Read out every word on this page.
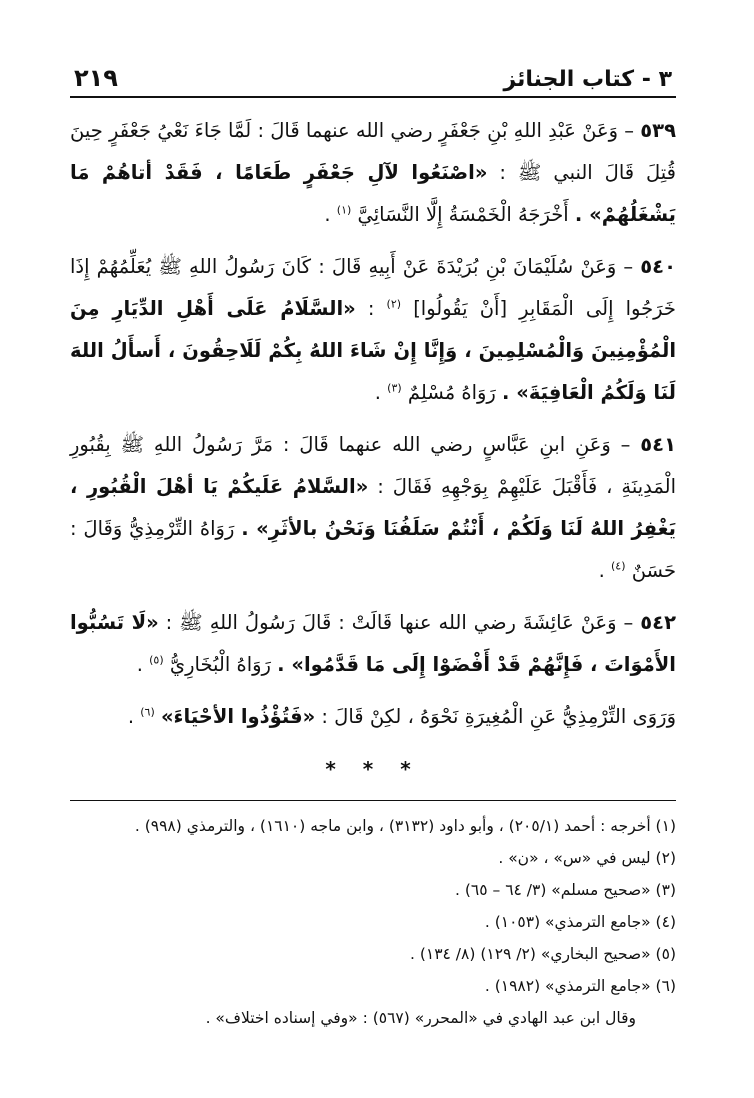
٣ - كتاب الجنائز
٢١٩

٥٣٩ – وَعَنْ عَبْدِ اللهِ بْنِ جَعْفَرٍ رضي الله عنهما قَالَ : لَمَّا جَاءَ نَعْيُ جَعْفَرٍ حِينَ قُتِلَ قَالَ النبي ﷺ : «اصْنَعُوا لآلِ جَعْفَرٍ طَعَامًا ، فَقَدْ أتاهُمْ مَا يَشْغَلُهُمْ» . أَخْرَجَهُ الْخَمْسَةُ إِلَّا النَّسَائِيَّ $^{(١)}$ .

٥٤٠ – وَعَنْ سُلَيْمَانَ بْنِ بُرَيْدَةَ عَنْ أَبِيهِ قَالَ : كَانَ رَسُولُ اللهِ ﷺ يُعَلِّمُهُمْ إِذَا خَرَجُوا إِلَى الْمَقَابِرِ [أَنْ يَقُولُوا] $^{(٢)}$ : «السَّلَامُ عَلَى أَهْلِ الدِّيَارِ مِنَ الْمُؤْمِنِينَ وَالْمُسْلِمِينَ ، وَإِنَّا إِنْ شَاءَ اللهُ بِكُمْ لَلَاحِقُونَ ، أَسأَلُ اللهَ لَنَا وَلَكُمُ الْعَافِيَةَ» . رَوَاهُ مُسْلِمٌ $^{(٣)}$ .

٥٤١ – وَعَنِ ابنِ عَبَّاسٍ رضي الله عنهما قَالَ : مَرَّ رَسُولُ اللهِ ﷺ بِقُبُورِ الْمَدِينَةِ ، فَأَقْبَلَ عَلَيْهِمْ بِوَجْهِهِ فَقَالَ : «السَّلامُ عَلَيكُمْ يَا أهْلَ الْقُبُورِ ، يَغْفِرُ اللهُ لَنَا وَلَكُمْ ، أَنْتُمْ سَلَفُنَا وَنَحْنُ بالأثَرِ» . رَوَاهُ التِّرْمِذِيُّ وَقَالَ : حَسَنٌ $^{(٤)}$ .

٥٤٢ – وَعَنْ عَائِشَةَ رضي الله عنها قَالَتْ : قَالَ رَسُولُ اللهِ ﷺ : «لَا تَسُبُّوا الأَمْوَاتَ ، فَإِنَّهُمْ قَدْ أَفْضَوْا إِلَى مَا قَدَّمُوا» . رَوَاهُ الْبُخَارِيُّ $^{(٥)}$ .

وَرَوَى التِّرْمِذِيُّ عَنِ الْمُغِيرَةِ نَحْوَهُ ، لكِنْ قَالَ : «فَتُؤْذُوا الأحْيَاءَ» $^{(٦)}$ .

* * *
(١) أخرجه : أحمد (٢٠٥/١) ، وأبو داود (٣١٣٢) ، وابن ماجه (١٦١٠) ، والترمذي (٩٩٨) .
(٢) ليس في «س» ، «ن» .
(٣) «صحيح مسلم» (٣/ ٦٤ – ٦٥) .
(٤) «جامع الترمذي» (١٠٥٣) .
(٥) «صحيح البخاري» (٢/ ١٢٩) (٨/ ١٣٤) .
(٦) «جامع الترمذي» (١٩٨٢) .
وقال ابن عبد الهادي في «المحرر» (٥٦٧) : «وفي إسناده اختلاف» .
